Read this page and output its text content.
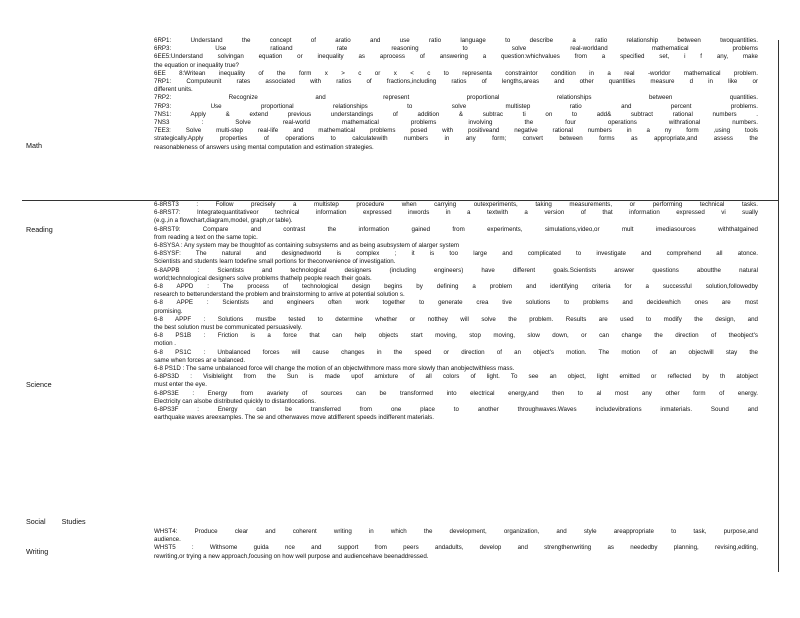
Math
Reading
Science
Social Studies
Writing
6RP1: Understand the concept of aratio and use ratio language to describe a ratio relationship between twoquantities.
6RP3: Use ratioand rate reasoning to solve real-worldand mathematical problems
6EE5:Understand solvingan equation or inequality as aprocess of answering a question:whichvalues from a specified set, i f any, make
the equation or inequality true?
6EE 8:Writean inequality of the form x > c or x < c to representa constraintor condition in a real -worldor mathematical problem.
7RP1: Computeunit rates associated with ratios of fractions,including ratios of lengths,areas and other quantities measure d in like or
different units.
7RP2: Recognize and represent proportional relationships between quantities.
7RP3: Use proportional relationships to solve multistep ratio and percent problems.
7NS1: Apply & extend previous understandings of addition & subtrac ti on to add& subtract rational numbers .
7NS3 : Solve real-world mathematical problems involving the four operations withrational numbers.
7EE3: Solve multi-step real-life and mathematical problems posed with positiveand negative rational numbers in a ny form ,using tools
strategically.Apply properties of operations to calculatewith numbers in any form; convert between forms as appropriate,and assess the
reasonableness of answers using mental computation and estimation strategies.
6-8RST3 : Follow precisely a multistep procedure when carrying outexperiments, taking measurements, or performing technical tasks.
6-8RST7: Integratequantitativeor technical information expressed inwords in a textwith a version of that information expressed vi sually
(e.g.,in a flowchart,diagram,model, graph,or table).
6-8RST9: Compare and contrast the information gained from experiments, simulations,video,or mult imediasources withthatgained
from reading a text on the same topic.
6-8SYSA : Any system may be thoughtof as containing subsystems and as being asubsystem of alarger system
6-8SYSF: The natural and designedworld is complex ; it is too large and complicated to investigate and comprehend all atonce.
Scientists and students learn todefine small portions for theconvenience of investigation.
6-8APPB : Scientists and technological designers (including engineers) have different goals.Scientists answer questions aboutthe natural
world;technological designers solve problems thathelp people reach their goals.
6-8 APPD : The process of technological design begins by defining a problem and identifying criteria for a successful solution,followedby
research to betterunderstand the problem and brainstorming to arrive at potential solution s.
6-8 APPE : Scientists and engineers often work together to generate crea tive solutions to problems and decidewhich ones are most
promising.
6-8 APPF : Solutions mustbe tested to determine whether or notthey will solve the problem. Results are used to modify the design, and
the best solution must be communicated persuasively.
6-8 PS1B : Friction is a force that can help objects start moving, stop moving, slow down, or can change the direction of theobject's
motion .
6-8 PS1C : Unbalanced forces will cause changes in the speed or direction of an object's motion. The motion of an objectwill stay the
same when forces ar e balanced.
6-8 PS1D : The same unbalanced force will change the motion of an objectwithmore mass more slowly than anobjectwithless mass.
6-8PS3D : Visiblelight from the Sun is made upof amixture of all colors of light. To see an object, light emitted or reflected by th atobject
must enter the eye.
6-8PS3E : Energy from avariety of sources can be transformed into electrical energy,and then to al most any other form of energy.
Electricity can alsobe distributed quickly to distantlocations.
6-8PS3F : Energy can be transferred from one place to another throughwaves.Waves includevibrations inmaterials. Sound and
earthquake waves areexamples. The se and otherwaves move atdifferent speeds indifferent materials.
WHST4: Produce clear and coherent writing in which the development, organization, and style areappropriate to task, purpose,and
audience.
WHST5 : Withsome guida nce and support from peers andadults, develop and strengthenwriting as neededby planning, revising,editing,
rewriting,or trying a new approach,focusing on how well purpose and audiencehave beenaddressed.
